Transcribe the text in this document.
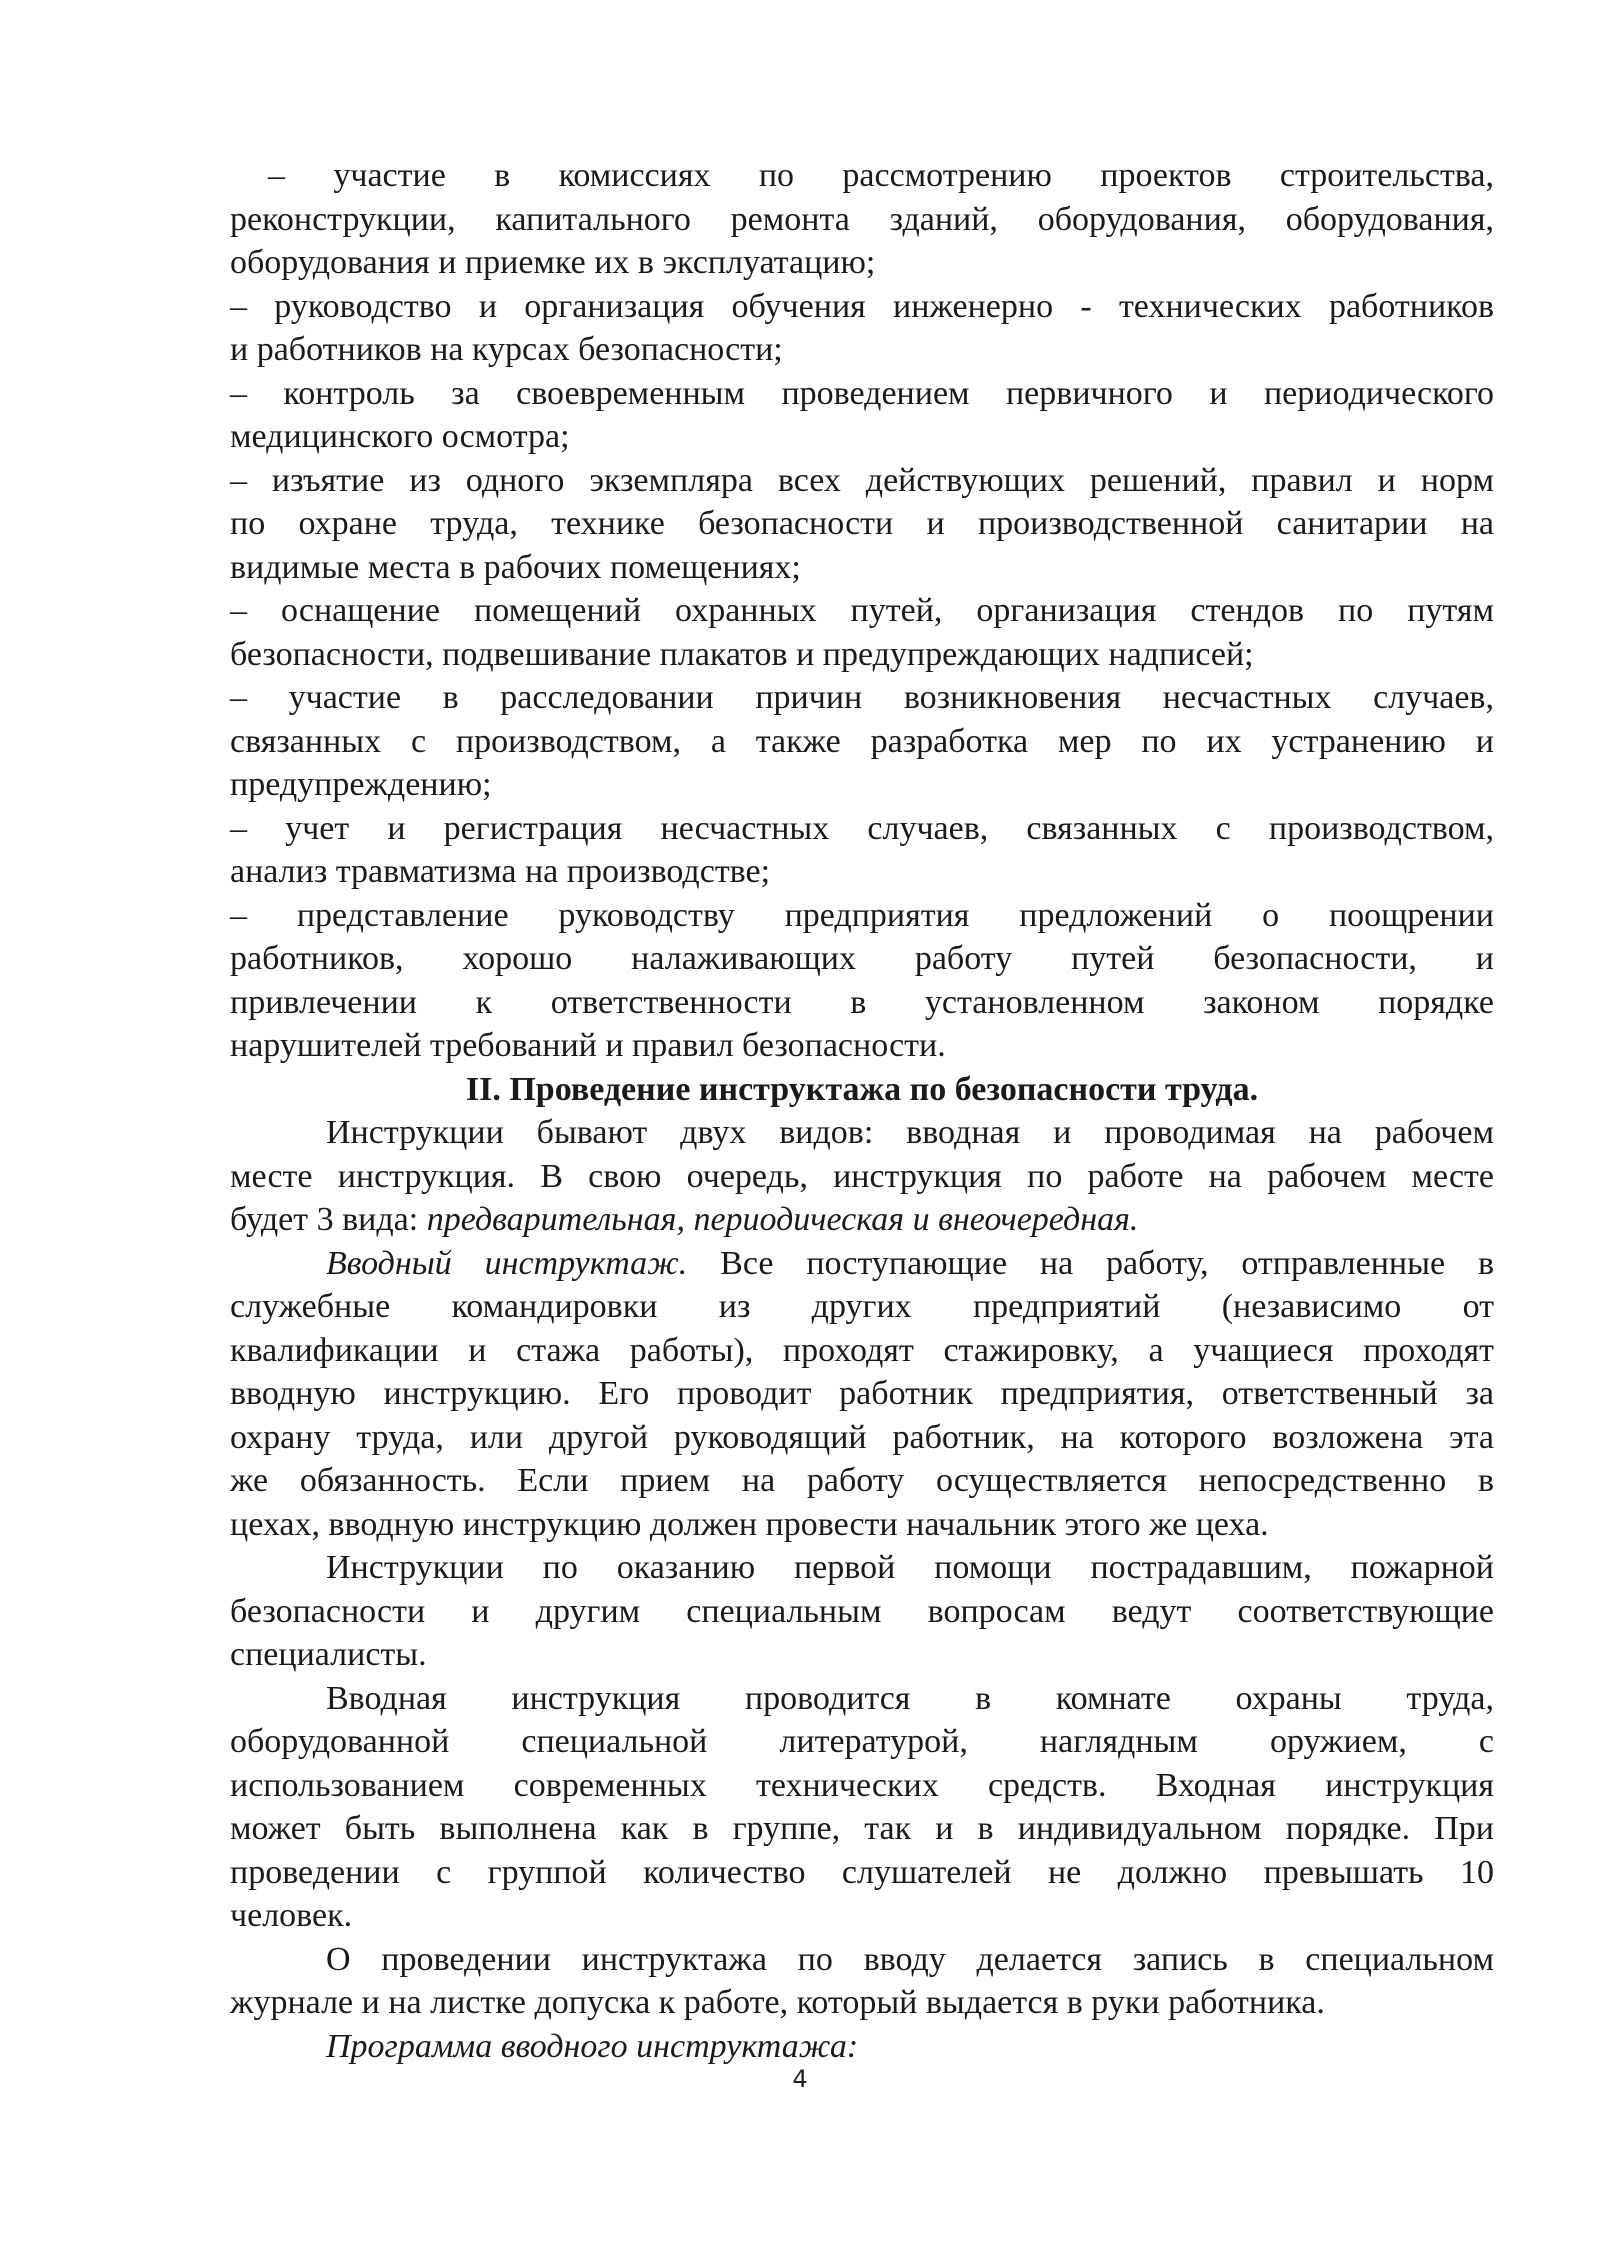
– участие в комиссиях по рассмотрению проектов строительства,

реконструкции, капитального ремонта зданий, оборудования, оборудования,

оборудования и приемке их в эксплуатацию;

– руководство и организация обучения инженерно - технических работников

и работников на курсах безопасности;

– контроль за своевременным проведением первичного и периодического

медицинского осмотра;

– изъятие из одного экземпляра всех действующих решений, правил и норм

по охране труда, технике безопасности и производственной санитарии на

видимые места в рабочих помещениях;

– оснащение помещений охранных путей, организация стендов по путям

безопасности, подвешивание плакатов и предупреждающих надписей;

– участие в расследовании причин возникновения несчастных случаев,

связанных с производством, а также разработка мер по их устранению и

предупреждению;

– учет и регистрация несчастных случаев, связанных с производством,

анализ травматизма на производстве;

– представление руководству предприятия предложений о поощрении

работников, хорошо налаживающих работу путей безопасности, и

привлечении к ответственности в установленном законом порядке

нарушителей требований и правил безопасности.

II. Проведение инструктажа по безопасности труда.

Инструкции бывают двух видов: вводная и проводимая на рабочем

месте инструкция. В свою очередь, инструкция по работе на рабочем месте

будет 3 вида: предварительная, периодическая и внеочередная.

Вводный инструктаж. Все поступающие на работу, отправленные в

служебные командировки из других предприятий (независимо от

квалификации и стажа работы), проходят стажировку, а учащиеся проходят

вводную инструкцию. Его проводит работник предприятия, ответственный за

охрану труда, или другой руководящий работник, на которого возложена эта

же обязанность. Если прием на работу осуществляется непосредственно в

цехах, вводную инструкцию должен провести начальник этого же цеха.

Инструкции по оказанию первой помощи пострадавшим, пожарной

безопасности и другим специальным вопросам ведут соответствующие

специалисты.

Вводная инструкция проводится в комнате охраны труда,

оборудованной специальной литературой, наглядным оружием, с

использованием современных технических средств. Входная инструкция

может быть выполнена как в группе, так и в индивидуальном порядке. При

проведении с группой количество слушателей не должно превышать 10

человек.

О проведении инструктажа по вводу делается запись в специальном

журнале и на листке допуска к работе, который выдается в руки работника.

Программа вводного инструктажа:

4
